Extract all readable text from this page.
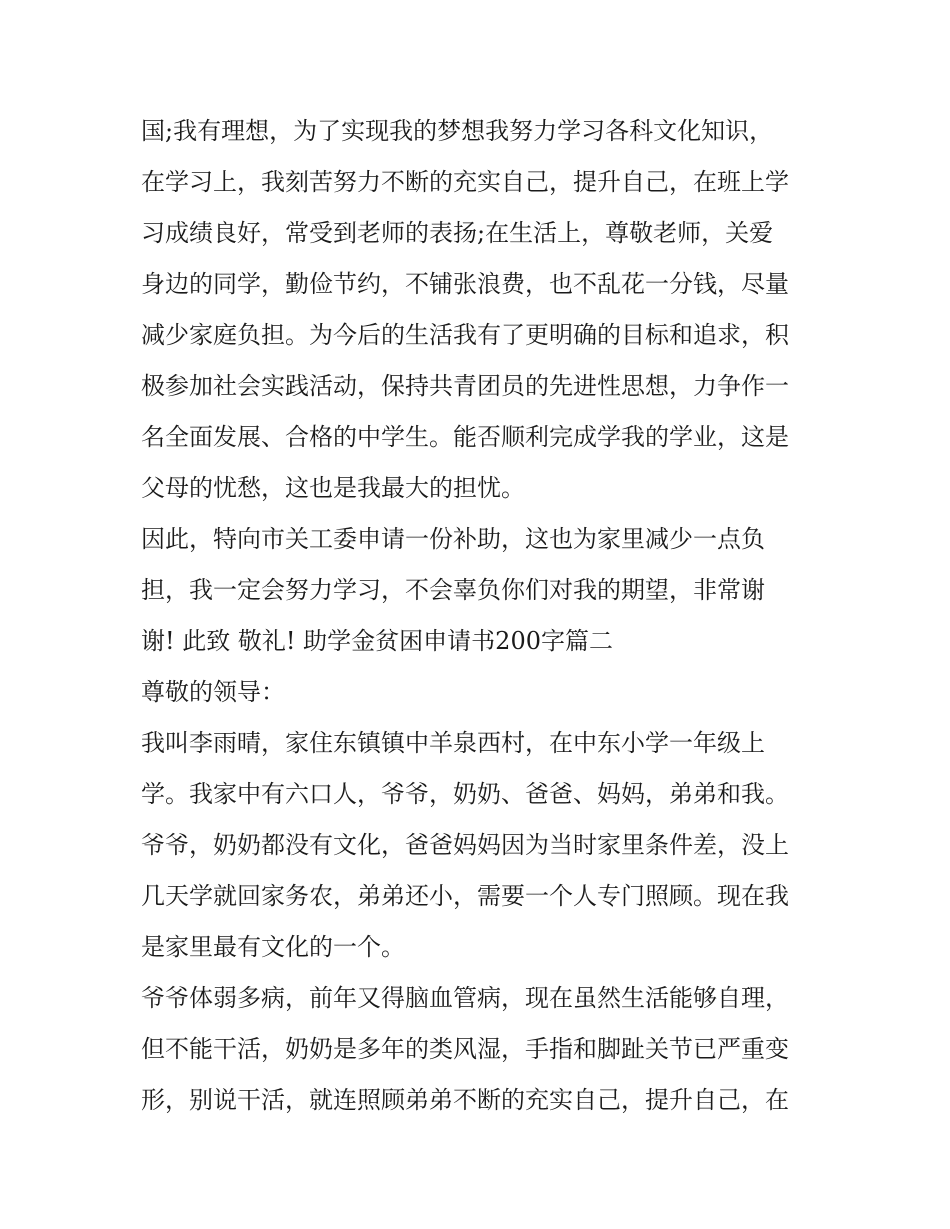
国;我有理想，为了实现我的梦想我努力学习各科文化知识，
在学习上，我刻苦努力不断的充实自己，提升自己，在班上学
习成绩良好，常受到老师的表扬;在生活上，尊敬老师，关爱
身边的同学，勤俭节约，不铺张浪费，也不乱花一分钱，尽量
减少家庭负担。为今后的生活我有了更明确的目标和追求，积
极参加社会实践活动，保持共青团员的先进性思想，力争作一
名全面发展、合格的中学生。能否顺利完成学我的学业，这是
父母的忧愁，这也是我最大的担忧。
因此，特向市关工委申请一份补助，这也为家里减少一点负
担，我一定会努力学习，不会辜负你们对我的期望，非常谢
谢! 此致 敬礼! 助学金贫困申请书200字篇二
尊敬的领导：
我叫李雨晴，家住东镇镇中羊泉西村，在中东小学一年级上
学。我家中有六口人，爷爷，奶奶、爸爸、妈妈，弟弟和我。
爷爷，奶奶都没有文化，爸爸妈妈因为当时家里条件差，没上
几天学就回家务农，弟弟还小，需要一个人专门照顾。现在我
是家里最有文化的一个。
爷爷体弱多病，前年又得脑血管病，现在虽然生活能够自理，
但不能干活，奶奶是多年的类风湿，手指和脚趾关节已严重变
形，别说干活，就连照顾弟弟不断的充实自己，提升自己，在
